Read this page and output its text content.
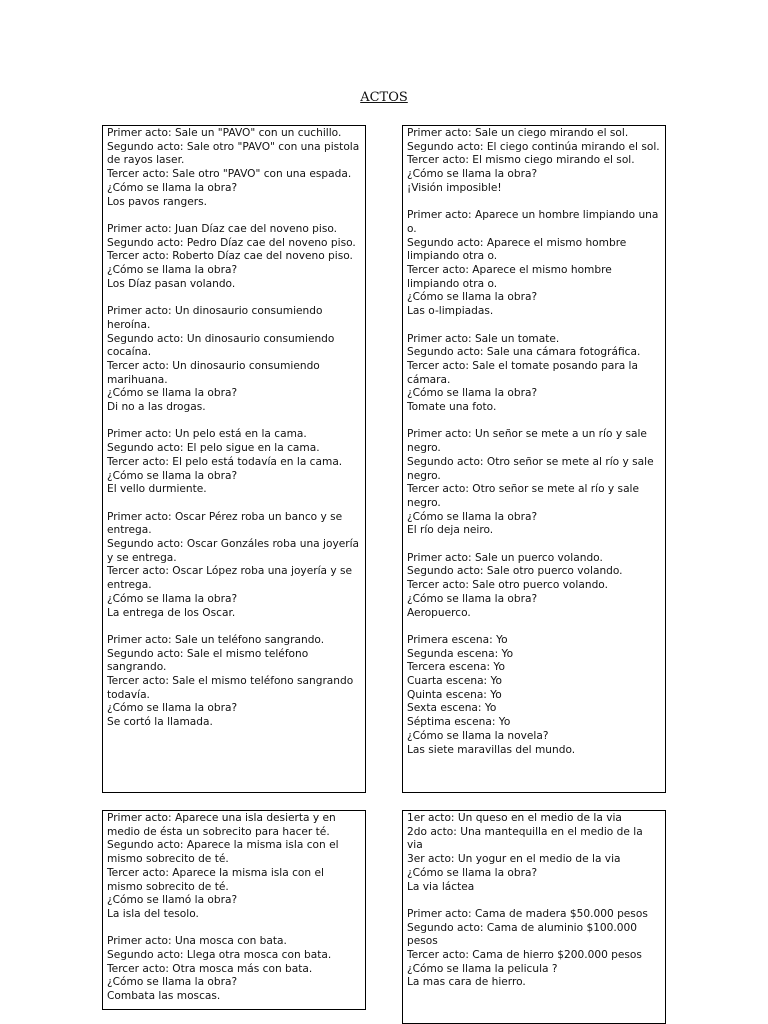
ACTOS
Primer acto: Sale un "PAVO" con un cuchillo.
Segundo acto: Sale otro "PAVO" con una pistola de rayos laser.
Tercer acto: Sale otro "PAVO" con una espada.
¿Cómo se llama la obra?
Los pavos rangers.
Primer acto: Juan Díaz cae del noveno piso.
Segundo acto: Pedro Díaz cae del noveno piso.
Tercer acto: Roberto Díaz cae del noveno piso.
¿Cómo se llama la obra?
Los Díaz pasan volando.
Primer acto: Un dinosaurio consumiendo heroína.
Segundo acto: Un dinosaurio consumiendo cocaína.
Tercer acto: Un dinosaurio consumiendo marihuana.
¿Cómo se llama la obra?
Di no a las drogas.
Primer acto: Un pelo está en la cama.
Segundo acto: El pelo sigue en la cama.
Tercer acto: El pelo está todavía en la cama.
¿Cómo se llama la obra?
El vello durmiente.
Primer acto: Oscar Pérez roba un banco y se entrega.
Segundo acto: Oscar Gonzáles roba una joyería y se entrega.
Tercer acto: Oscar López roba una joyería y se entrega.
¿Cómo se llama la obra?
La entrega de los Oscar.
Primer acto: Sale un teléfono sangrando.
Segundo acto: Sale el mismo teléfono sangrando.
Tercer acto: Sale el mismo teléfono sangrando todavía.
¿Cómo se llama la obra?
Se cortó la llamada.
Primer acto: Sale un ciego mirando el sol.
Segundo acto: El ciego continúa mirando el sol.
Tercer acto: El mismo ciego mirando el sol.
¿Cómo se llama la obra?
¡Visión imposible!
Primer acto: Aparece un hombre limpiando una o.
Segundo acto: Aparece el mismo hombre limpiando otra o.
Tercer acto: Aparece el mismo hombre limpiando otra o.
¿Cómo se llama la obra?
Las o-limpiadas.
Primer acto: Sale un tomate.
Segundo acto: Sale una cámara fotográfica.
Tercer acto: Sale el tomate posando para la cámara.
¿Cómo se llama la obra?
Tomate una foto.
Primer acto: Un señor se mete a un río y sale negro.
Segundo acto: Otro señor se mete al río y sale negro.
Tercer acto: Otro señor se mete al río y sale negro.
¿Cómo se llama la obra?
El río deja neiro.
Primer acto: Sale un puerco volando.
Segundo acto: Sale otro puerco volando.
Tercer acto: Sale otro puerco volando.
¿Cómo se llama la obra?
Aeropuerco.
Primera escena: Yo
Segunda escena: Yo
Tercera escena: Yo
Cuarta escena: Yo
Quinta escena: Yo
Sexta escena: Yo
Séptima escena: Yo
¿Cómo se llama la novela?
Las siete maravillas del mundo.
Primer acto: Aparece una isla desierta y en medio de ésta un sobrecito para hacer té.
Segundo acto: Aparece la misma isla con el mismo sobrecito de té.
Tercer acto: Aparece la misma isla con el mismo sobrecito de té.
¿Cómo se llamó la obra?
La isla del tesolo.
Primer acto: Una mosca con bata.
Segundo acto: Llega otra mosca con bata.
Tercer acto: Otra mosca más con bata.
¿Cómo se llama la obra?
Combata las moscas.
1er acto: Un queso en el medio de la via
2do acto: Una mantequilla en el medio de la via
3er acto: Un yogur en el medio de la via
¿Cómo se llama la obra?
La via láctea
Primer acto: Cama de madera $50.000 pesos
Segundo acto: Cama de aluminio $100.000 pesos
Tercer acto: Cama de hierro $200.000 pesos
¿Cómo se llama la pelicula ?
La mas cara de hierro.
